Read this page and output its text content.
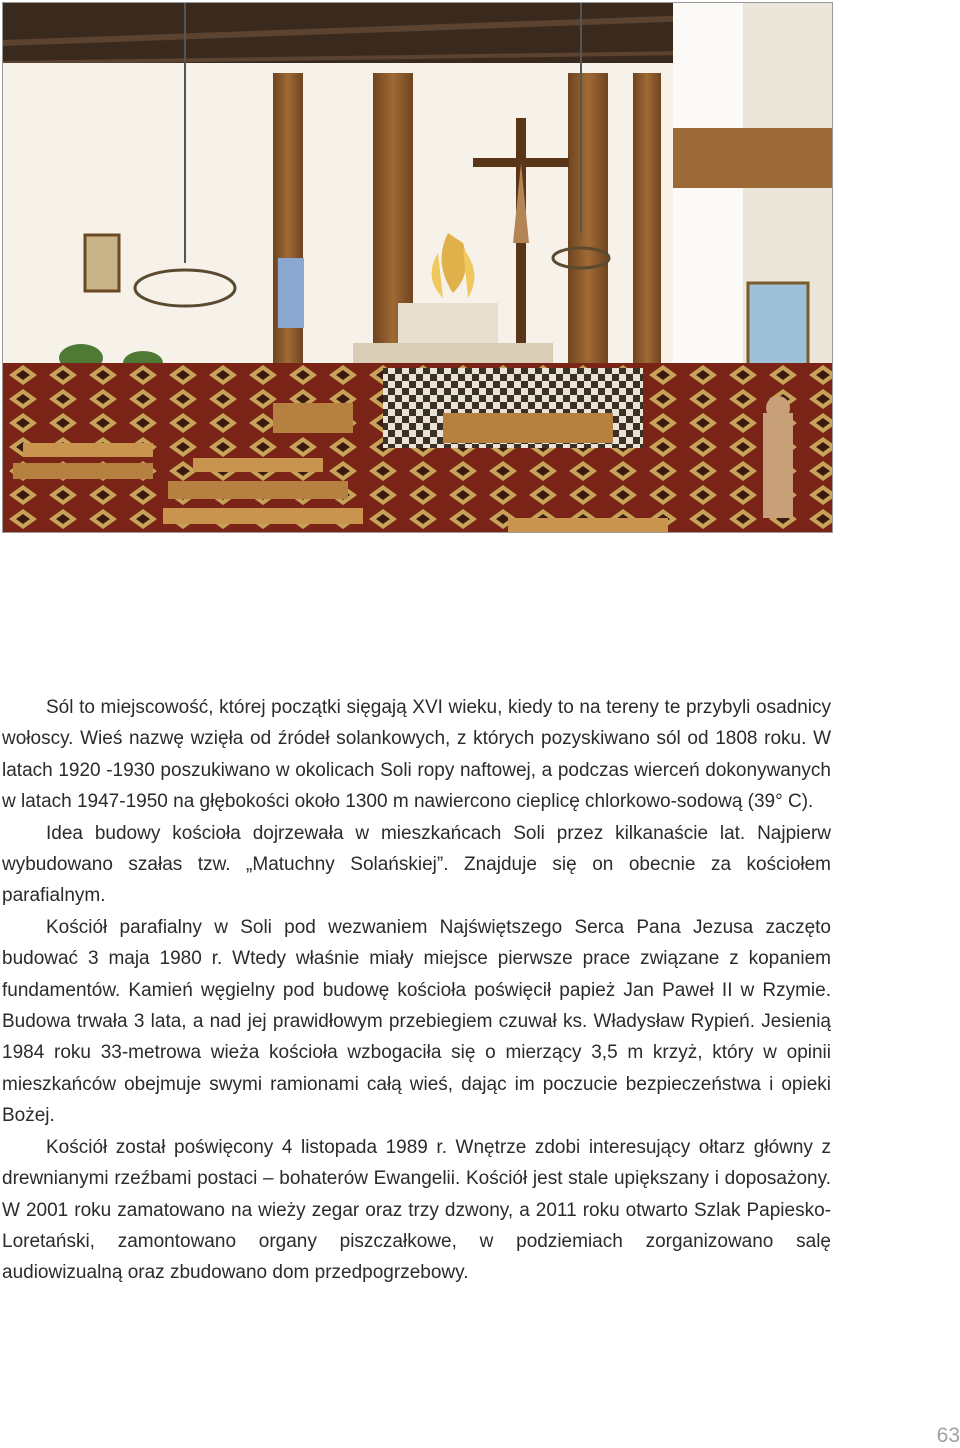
Sól to miejscowość, której początki sięgają XVI wieku, kiedy to na tereny te przybyli osadnicy wołoscy. Wieś nazwę wzięła od źródeł solankowych, z których pozyskiwano sól od 1808 roku. W latach 1920 -1930 poszukiwano w okolicach Soli ropy naftowej, a podczas wierceń dokonywanych w latach 1947-1950 na głębokości około 1300 m nawiercono cieplicę chlorkowo-sodową (39° C).

Idea budowy kościoła dojrzewała w mieszkańcach Soli przez kilkanaście lat. Najpierw wybudowano szałas tzw. „Matuchny Solańskiej”. Znajduje się on obecnie za kościołem parafialnym.

Kościół parafialny w Soli pod wezwaniem Najświętszego Serca Pana Jezusa zaczęto budować 3 maja 1980 r. Wtedy właśnie miały miejsce pierwsze prace związane z kopaniem fundamentów. Kamień węgielny pod budowę kościoła poświęcił papież Jan Paweł II w Rzymie. Budowa trwała 3 lata, a nad jej prawidłowym przebiegiem czuwał ks. Władysław Rypień. Jesienią 1984 roku 33-metrowa wieża kościoła wzbogaciła się o mierzący 3,5 m krzyż, który w opinii mieszkańców obejmuje swymi ramionami całą wieś, dając im poczucie bezpieczeństwa i opieki Bożej.

Kościół został poświęcony 4 listopada 1989 r. Wnętrze zdobi interesujący ołtarz główny z drewnianymi rzeźbami postaci – bohaterów Ewangelii. Kościół jest stale upiększany i doposażony. W 2001 roku zamatowano na wieży zegar oraz trzy dzwony, a 2011 roku otwarto Szlak Papiesko-Loretański, zamontowano organy piszczałkowe, w podziemiach zorganizowano salę audiowizualną oraz zbudowano dom przedpogrzebowy.

63
